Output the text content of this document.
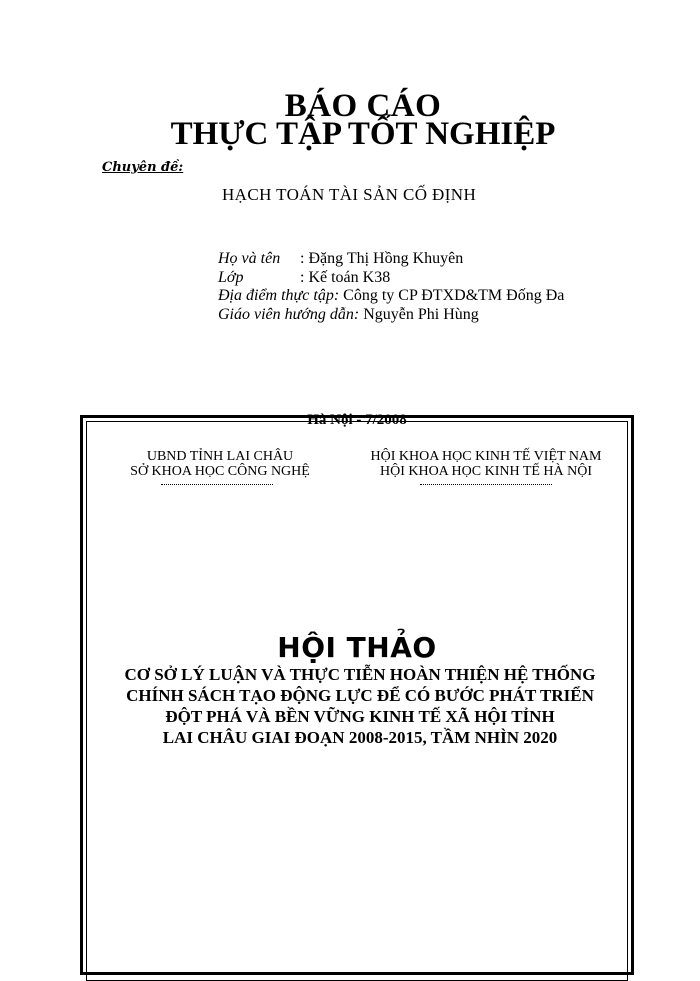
BÁO CÁO
THỰC TẬP TỐT NGHIỆP
Chuyên đề:
HẠCH TOÁN TÀI SẢN CỐ ĐỊNH
Họ và tên : Đặng Thị Hồng Khuyên
Lớp	: Kế toán K38
Địa điểm thực tập: Công ty CP ĐTXD&TM Đống Đa
Giáo viên hướng dẫn: Nguyễn Phi Hùng
Hà Nội - 7/2008
UBND TỈNH LAI CHÂU
SỞ KHOA HỌC CÔNG NGHỆ
HỘI KHOA HỌC KINH TẾ VIỆT NAM
HỘI KHOA HỌC KINH TẾ HÀ NỘI
HỘI THẢO
CƠ SỞ LÝ LUẬN VÀ THỰC TIỄN HOÀN THIỆN HỆ THỐNG
CHÍNH SÁCH TẠO ĐỘNG LỰC ĐỂ CÓ BƯỚC PHÁT TRIỂN
ĐỘT PHÁ VÀ BỀN VỮNG KINH TẾ XÃ HỘI TỈNH
LAI CHÂU GIAI ĐOẠN 2008-2015, TẦM NHÌN 2020
